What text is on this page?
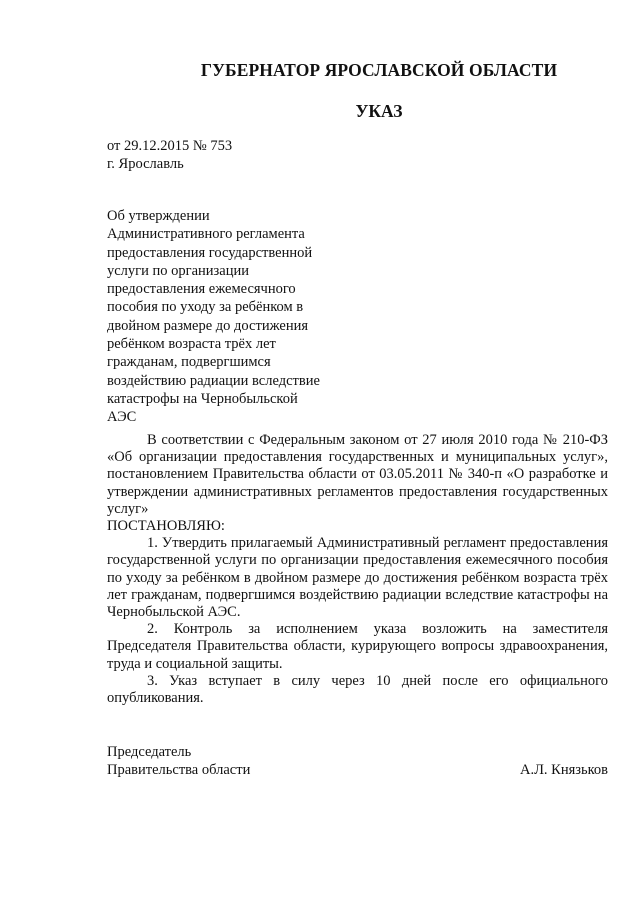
ГУБЕРНАТОР ЯРОСЛАВСКОЙ ОБЛАСТИ
УКАЗ
от 29.12.2015 № 753
г. Ярославль
Об утверждении
Административного регламента
предоставления государственной
услуги по организации
предоставления ежемесячного
пособия по уходу за ребёнком в
двойном размере до достижения
ребёнком возраста трёх лет
гражданам, подвергшимся
воздействию радиации вследствие
катастрофы на Чернобыльской
АЭС

В соответствии с Федеральным законом от 27 июля 2010 года № 210-ФЗ «Об организации предоставления государственных и муниципальных услуг», постановлением Правительства области от 03.05.2011 № 340-п «О разработке и утверждении административных регламентов предоставления государственных услуг»

ПОСТАНОВЛЯЮ:

1. Утвердить прилагаемый Административный регламент предоставления государственной услуги по организации предоставления ежемесячного пособия по уходу за ребёнком в двойном размере до достижения ребёнком возраста трёх лет гражданам, подвергшимся воздействию радиации вследствие катастрофы на Чернобыльской АЭС.

2. Контроль за исполнением указа возложить на заместителя Председателя Правительства области, курирующего вопросы здравоохранения, труда и социальной защиты.

3. Указ вступает в силу через 10 дней после его официального опубликования.

Председатель
Правительства области	А.Л. Князьков
